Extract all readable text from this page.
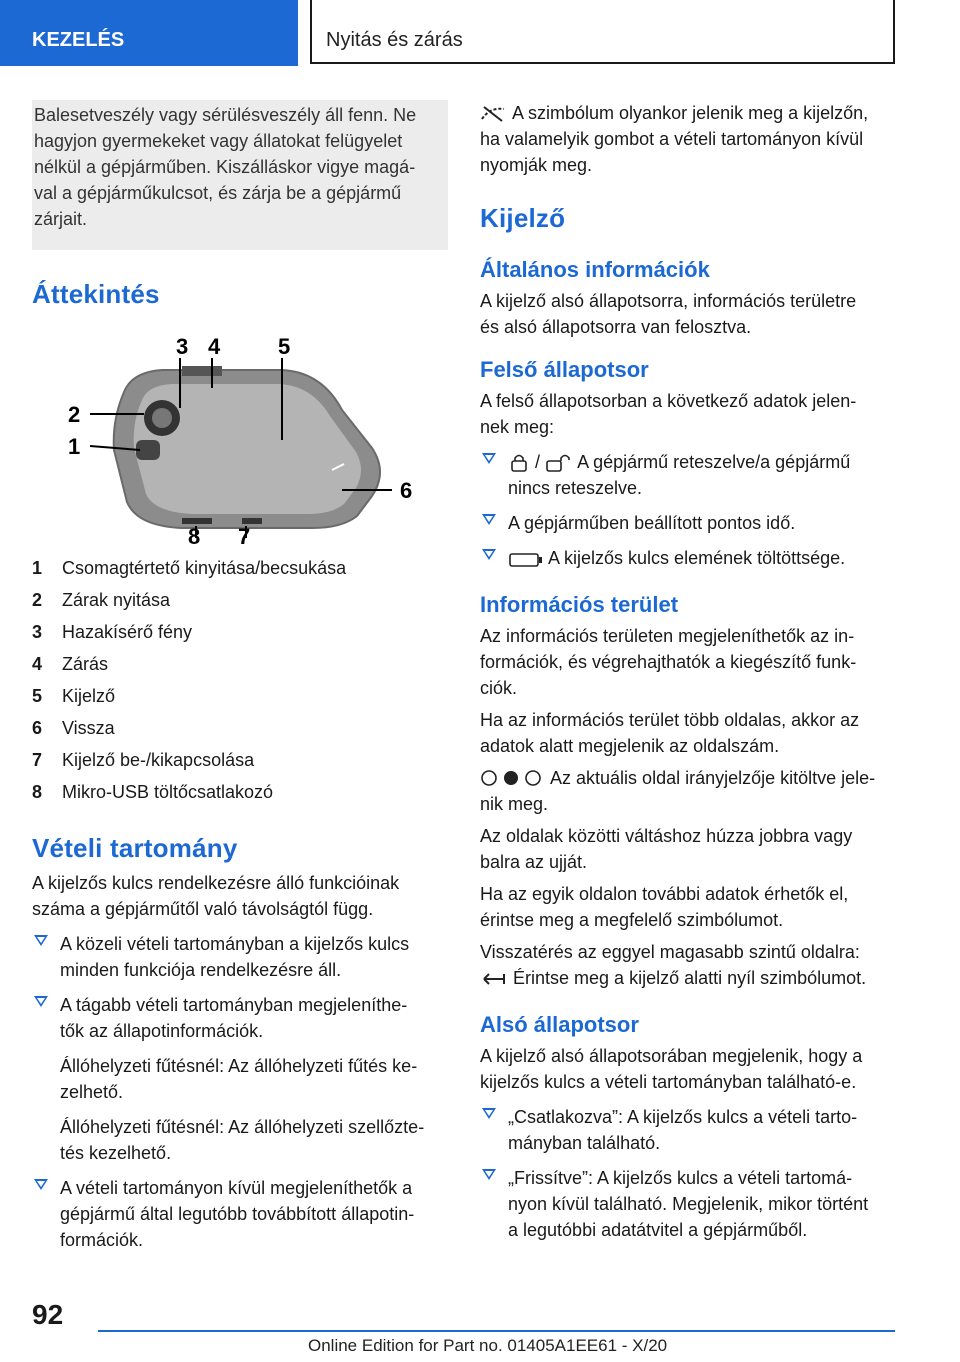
KEZELÉS	Nyitás és zárás
Balesetveszély vagy sérülésveszély áll fenn. Ne
hagyjon gyermekeket vagy állatokat felügyelet
nélkül a gépjárműben. Kiszálláskor vigye magá-
val a gépjárműkulcsot, és zárja be a gépjármű
zárjait.
Áttekintés
1
2
3 4	5
6
7
8
1	Csomagtértető kinyitása/becsukása
2	Zárak nyitása
3	Hazakísérő fény
4	Zárás
5	Kijelző
6	Vissza
7	Kijelző be-/kikapcsolása
8	Mikro-USB töltőcsatlakozó
Vételi tartomány

A kijelzős kulcs rendelkezésre álló funkcióinak
száma a gépjárműtől való távolságtól függ.

A közeli vételi tartományban a kijelzős kulcs
minden funkciója rendelkezésre áll.
A tágabb vételi tartományban megjeleníthe-
tők az állapotinformációk.
Állóhelyzeti fűtésnél: Az állóhelyzeti fűtés ke-
zelhető.
Állóhelyzeti fűtésnél: Az állóhelyzeti szellőzte-
tés kezelhető.
A vételi tartományon kívül megjeleníthetők a
gépjármű által legutóbb továbbított állapotin-
formációk.

A szimbólum olyankor jelenik meg a kijelzőn,
ha valamelyik gombot a vételi tartományon kívül
nyomják meg.

Kijelző
Általános információk

A kijelző alsó állapotsorra, információs területre
és alsó állapotsorra van felosztva.

Felső állapotsor

A felső állapotsorban a következő adatok jelen-
nek meg:

/ A gépjármű reteszelve/a gépjármű
nincs reteszelve.
A gépjárműben beállított pontos idő.
A kijelzős kulcs elemének töltöttsége.
Információs terület

Az információs területen megjeleníthetők az in-
formációk, és végrehajthatók a kiegészítő funk-
ciók.

Ha az információs terület több oldalas, akkor az
adatok alatt megjelenik az oldalszám.

Az aktuális oldal irányjelzője kitöltve jele-
nik meg.

Az oldalak közötti váltáshoz húzza jobbra vagy
balra az ujját.

Ha az egyik oldalon további adatok érhetők el,
érintse meg a megfelelő szimbólumot.

Visszatérés az eggyel magasabb szintű oldalra:
Érintse meg a kijelző alatti nyíl szimbólumot.

Alsó állapotsor

A kijelző alsó állapotsorában megjelenik, hogy a
kijelzős kulcs a vételi tartományban található-e.

„Csatlakozva”: A kijelzős kulcs a vételi tarto-
mányban található.
„Frissítve”: A kijelzős kulcs a vételi tartomá-
nyon kívül található. Megjelenik, mikor történt
a legutóbbi adatátvitel a gépjárműből.
92
Online Edition for Part no. 01405A1EE61 - X/20
